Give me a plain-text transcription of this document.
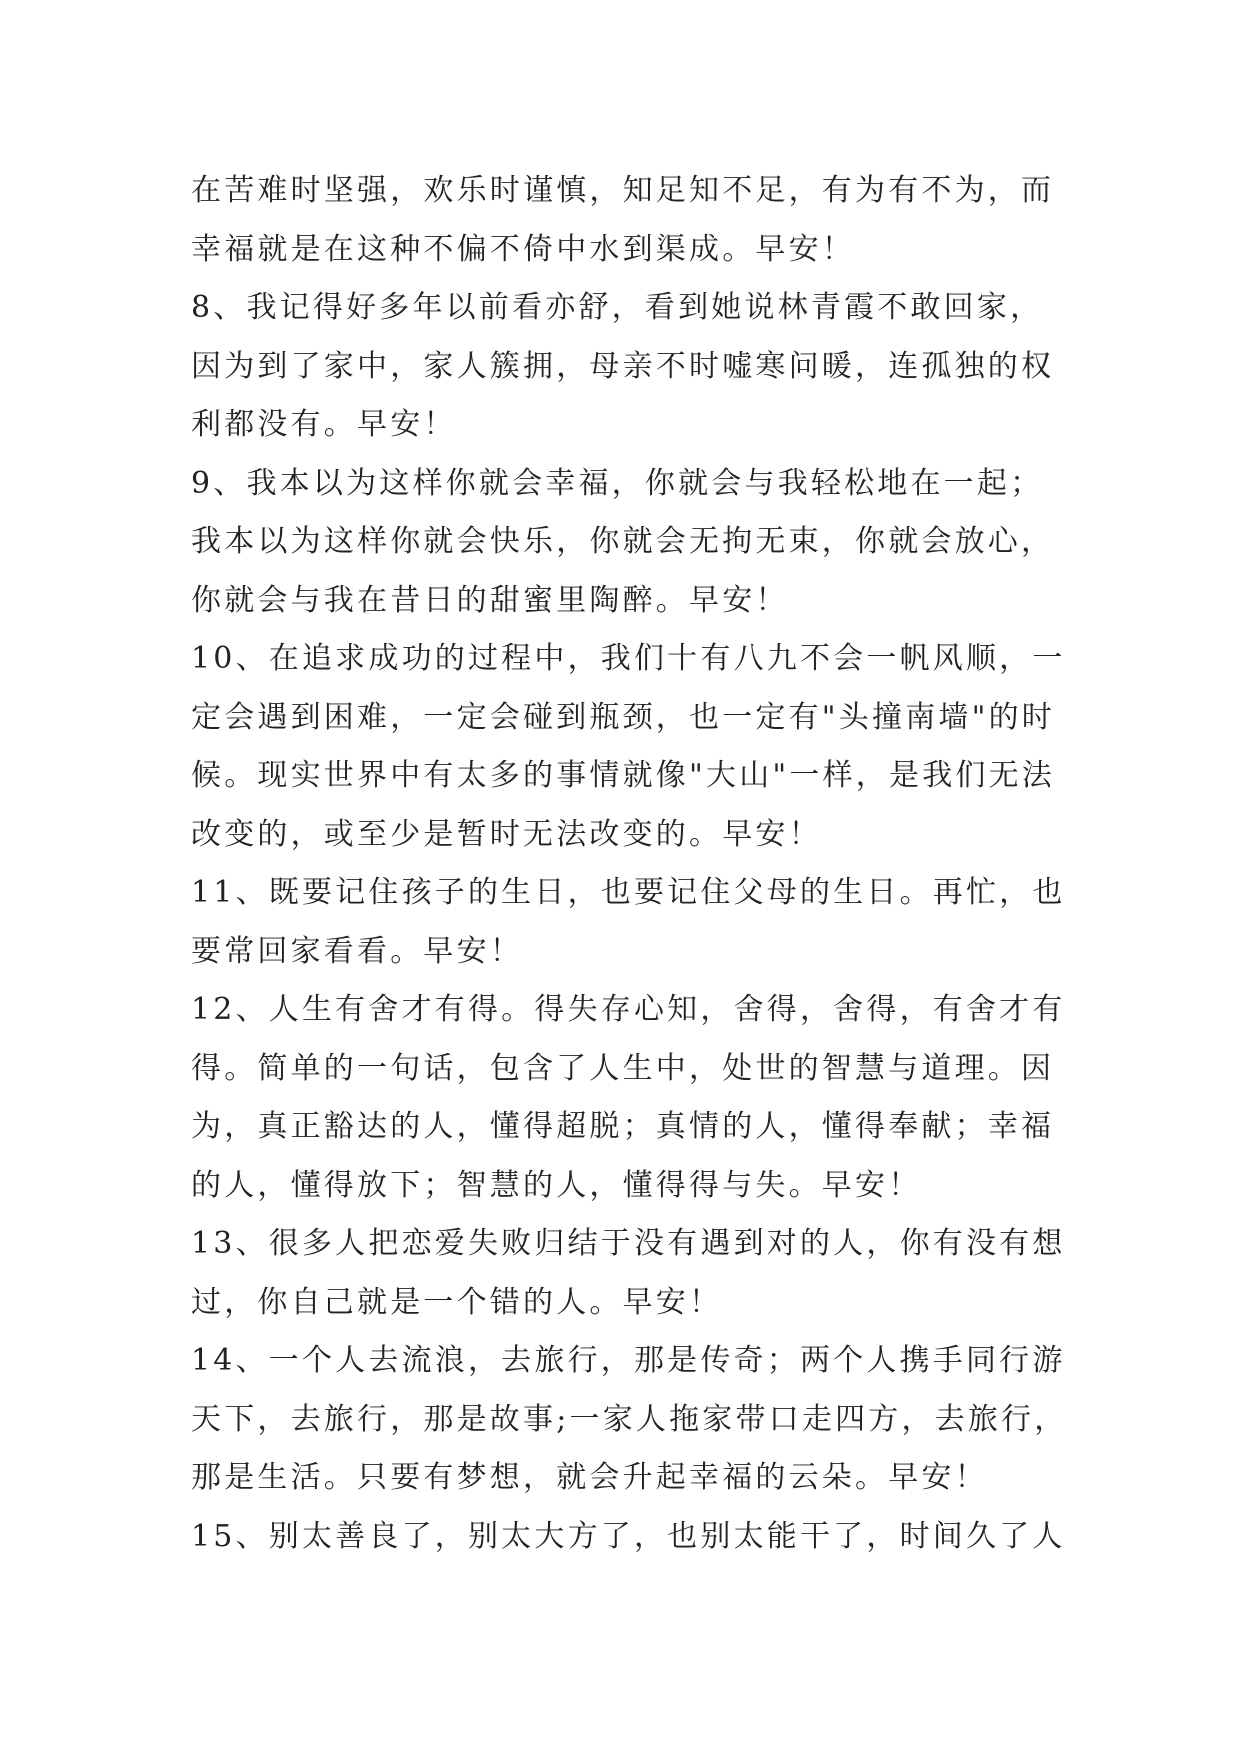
在苦难时坚强，欢乐时谨慎，知足知不足，有为有不为，而
幸福就是在这种不偏不倚中水到渠成。早安！
8、我记得好多年以前看亦舒，看到她说林青霞不敢回家，
因为到了家中，家人簇拥，母亲不时嘘寒问暖，连孤独的权
利都没有。早安！
9、我本以为这样你就会幸福，你就会与我轻松地在一起；
我本以为这样你就会快乐，你就会无拘无束，你就会放心，
你就会与我在昔日的甜蜜里陶醉。早安！
10、在追求成功的过程中，我们十有八九不会一帆风顺，一
定会遇到困难，一定会碰到瓶颈，也一定有"头撞南墙"的时
候。现实世界中有太多的事情就像"大山"一样，是我们无法
改变的，或至少是暂时无法改变的。早安！
11、既要记住孩子的生日，也要记住父母的生日。再忙，也
要常回家看看。早安！
12、人生有舍才有得。得失存心知，舍得，舍得，有舍才有
得。简单的一句话，包含了人生中，处世的智慧与道理。因
为，真正豁达的人，懂得超脱；真情的人，懂得奉献；幸福
的人，懂得放下；智慧的人，懂得得与失。早安！
13、很多人把恋爱失败归结于没有遇到对的人，你有没有想
过，你自己就是一个错的人。早安！
14、一个人去流浪，去旅行，那是传奇；两个人携手同行游
天下，去旅行，那是故事;一家人拖家带口走四方，去旅行，
那是生活。只要有梦想，就会升起幸福的云朵。早安！
15、别太善良了，别太大方了，也别太能干了，时间久了人
